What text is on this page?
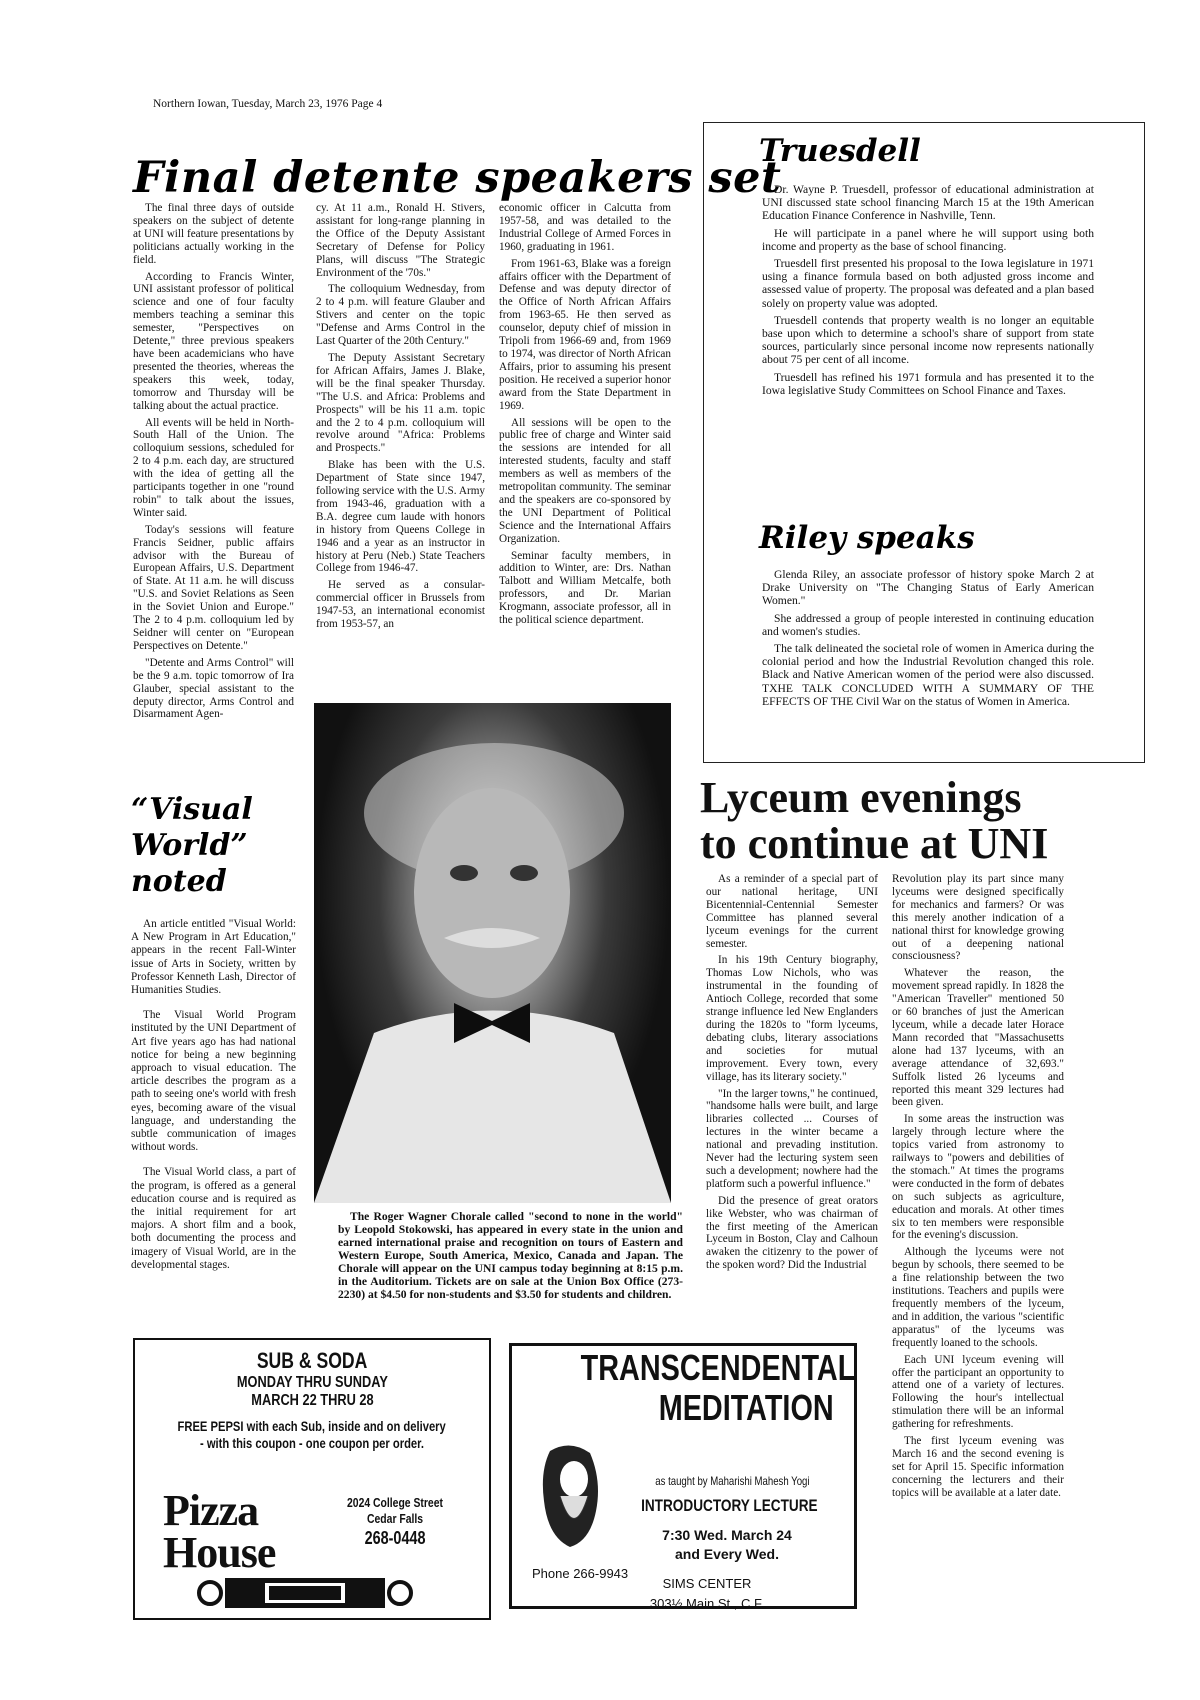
Northern Iowan, Tuesday, March 23, 1976 Page 4
Final detente speakers set

The final three days of outside speakers on the subject of detente at UNI will feature presentations by politicians actually working in the field.

According to Francis Winter, UNI assistant professor of political science and one of four faculty members teaching a seminar this semester, "Perspectives on Detente," three previous speakers have been academicians who have presented the theories, whereas the speakers this week, today, tomorrow and Thursday will be talking about the actual practice.

All events will be held in North-South Hall of the Union. The colloquium sessions, scheduled for 2 to 4 p.m. each day, are structured with the idea of getting all the participants together in one "round robin" to talk about the issues, Winter said.

Today's sessions will feature Francis Seidner, public affairs advisor with the Bureau of European Affairs, U.S. Department of State. At 11 a.m. he will discuss "U.S. and Soviet Relations as Seen in the Soviet Union and Europe." The 2 to 4 p.m. colloquium led by Seidner will center on "European Perspectives on Detente."

"Detente and Arms Control" will be the 9 a.m. topic tomorrow of Ira Glauber, special assistant to the deputy director, Arms Control and Disarmament Agen-

cy. At 11 a.m., Ronald H. Stivers, assistant for long-range planning in the Office of the Deputy Assistant Secretary of Defense for Policy Plans, will discuss "The Strategic Environment of the '70s."

The colloquium Wednesday, from 2 to 4 p.m. will feature Glauber and Stivers and center on the topic "Defense and Arms Control in the Last Quarter of the 20th Century."

The Deputy Assistant Secretary for African Affairs, James J. Blake, will be the final speaker Thursday. "The U.S. and Africa: Problems and Prospects" will be his 11 a.m. topic and the 2 to 4 p.m. colloquium will revolve around "Africa: Problems and Prospects."

Blake has been with the U.S. Department of State since 1947, following service with the U.S. Army from 1943-46, graduation with a B.A. degree cum laude with honors in history from Queens College in 1946 and a year as an instructor in history at Peru (Neb.) State Teachers College from 1946-47.

He served as a consular-commercial officer in Brussels from 1947-53, an international economist from 1953-57, an

economic officer in Calcutta from 1957-58, and was detailed to the Industrial College of Armed Forces in 1960, graduating in 1961.

From 1961-63, Blake was a foreign affairs officer with the Department of Defense and was deputy director of the Office of North African Affairs from 1963-65. He then served as counselor, deputy chief of mission in Tripoli from 1966-69 and, from 1969 to 1974, was director of North African Affairs, prior to assuming his present position. He received a superior honor award from the State Department in 1969.

All sessions will be open to the public free of charge and Winter said the sessions are intended for all interested students, faculty and staff members as well as members of the metropolitan community. The seminar and the speakers are co-sponsored by the UNI Department of Political Science and the International Affairs Organization.

Seminar faculty members, in addition to Winter, are: Drs. Nathan Talbott and William Metcalfe, both professors, and Dr. Marian Krogmann, associate professor, all in the political science department.

Truesdell

Dr. Wayne P. Truesdell, professor of educational administration at UNI discussed state school financing March 15 at the 19th American Education Finance Conference in Nashville, Tenn.

He will participate in a panel where he will support using both income and property as the base of school financing.

Truesdell first presented his proposal to the Iowa legislature in 1971 using a finance formula based on both adjusted gross income and assessed value of property. The proposal was defeated and a plan based solely on property value was adopted.

Truesdell contends that property wealth is no longer an equitable base upon which to determine a school's share of support from state sources, particularly since personal income now represents nationally about 75 per cent of all income.

Truesdell has refined his 1971 formula and has presented it to the Iowa legislative Study Committees on School Finance and Taxes.

Riley speaks

Glenda Riley, an associate professor of history spoke March 2 at Drake University on "The Changing Status of Early American Women."

She addressed a group of people interested in continuing education and women's studies.

The talk delineated the societal role of women in America during the colonial period and how the Industrial Revolution changed this role. Black and Native American women of the period were also discussed. TXHE TALK CONCLUDED WITH A SUMMARY OF THE EFFECTS OF THE Civil War on the status of Women in America.

“Visual
World”
noted

An article entitled "Visual World: A New Program in Art Education," appears in the recent Fall-Winter issue of Arts in Society, written by Professor Kenneth Lash, Director of Humanities Studies.

The Visual World Program instituted by the UNI Department of Art five years ago has had national notice for being a new beginning approach to visual education. The article describes the program as a path to seeing one's world with fresh eyes, becoming aware of the visual language, and understanding the subtle communication of images without words.

The Visual World class, a part of the program, is offered as a general education course and is required as the initial requirement for art majors. A short film and a book, both documenting the process and imagery of Visual World, are in the developmental stages.

The Roger Wagner Chorale called "second to none in the world" by Leopold Stokowski, has appeared in every state in the union and earned international praise and recognition on tours of Eastern and Western Europe, South America, Mexico, Canada and Japan. The Chorale will appear on the UNI campus today beginning at 8:15 p.m. in the Auditorium. Tickets are on sale at the Union Box Office (273-2230) at $4.50 for non-students and $3.50 for students and children.
Lyceum evenings
to continue at UNI

As a reminder of a special part of our national heritage, UNI Bicentennial-Centennial Semester Committee has planned several lyceum evenings for the current semester.

In his 19th Century biography, Thomas Low Nichols, who was instrumental in the founding of Antioch College, recorded that some strange influence led New Englanders during the 1820s to "form lyceums, debating clubs, literary associations and societies for mutual improvement. Every town, every village, has its literary society."

"In the larger towns," he continued, "handsome halls were built, and large libraries collected ... Courses of lectures in the winter became a national and prevading institution. Never had the lecturing system seen such a development; nowhere had the platform such a powerful influence."

Did the presence of great orators like Webster, who was chairman of the first meeting of the American Lyceum in Boston, Clay and Calhoun awaken the citizenry to the power of the spoken word? Did the Industrial

Revolution play its part since many lyceums were designed specifically for mechanics and farmers? Or was this merely another indication of a national thirst for knowledge growing out of a deepening national consciousness?

Whatever the reason, the movement spread rapidly. In 1828 the "American Traveller" mentioned 50 or 60 branches of just the American lyceum, while a decade later Horace Mann recorded that "Massachusetts alone had 137 lyceums, with an average attendance of 32,693." Suffolk listed 26 lyceums and reported this meant 329 lectures had been given.

In some areas the instruction was largely through lecture where the topics varied from astronomy to railways to "powers and debilities of the stomach." At times the programs were conducted in the form of debates on such subjects as agriculture, education and morals. At other times six to ten members were responsible for the evening's discussion.

Although the lyceums were not begun by schools, there seemed to be a fine relationship between the two institutions. Teachers and pupils were frequently members of the lyceum, and in addition, the various "scientific apparatus" of the lyceums was frequently loaned to the schools.

Each UNI lyceum evening will offer the participant an opportunity to attend one of a variety of lectures. Following the hour's intellectual stimulation there will be an informal gathering for refreshments.

The first lyceum evening was March 16 and the second evening is set for April 15. Specific information concerning the lecturers and their topics will be available at a later date.

SUB & SODA
MONDAY THRU SUNDAY
MARCH 22 THRU 28
FREE PEPSI with each Sub, inside and on delivery
- with this coupon - one coupon per order.
Pizza
House
2024 College Street
Cedar Falls
268-0448
TRANSCENDENTAL
MEDITATION
as taught by Maharishi Mahesh Yogi
INTRODUCTORY LECTURE
7:30 Wed. March 24
and Every Wed.
Phone 266-9943
SIMS CENTER
303½ Main St., C.F.
